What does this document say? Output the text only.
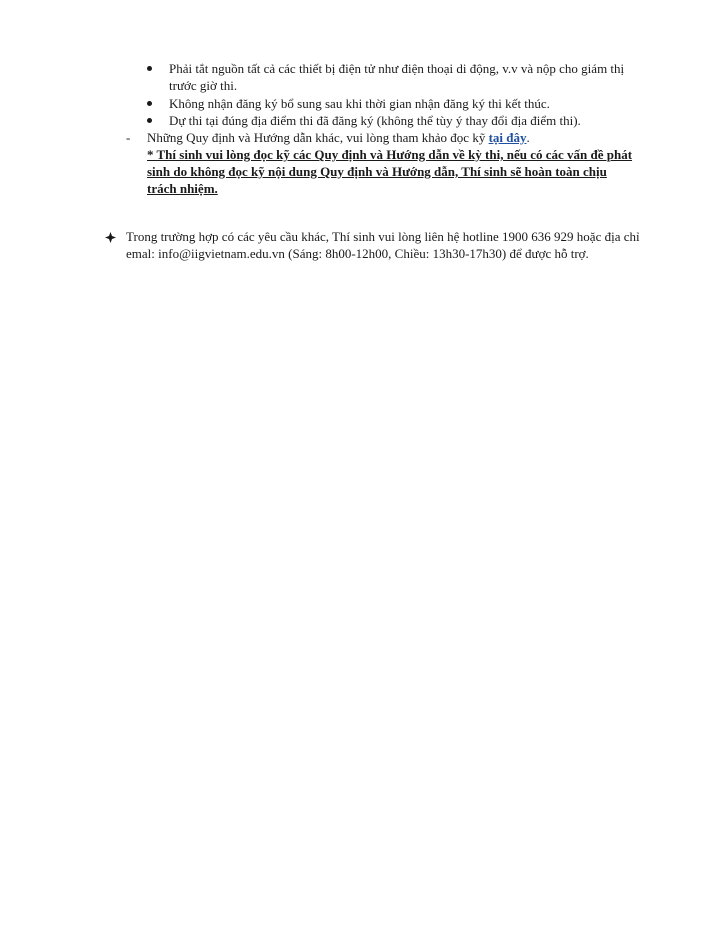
Phải tắt nguồn tất cả các thiết bị điện tử như điện thoại di động, v.v và nộp cho giám thị
trước giờ thi.
Không nhận đăng ký bổ sung sau khi thời gian nhận đăng ký thi kết thúc.
Dự thi tại đúng địa điểm thi đã đăng ký (không thể tùy ý thay đổi địa điểm thi).
- Những Quy định và Hướng dẫn khác, vui lòng tham khảo đọc kỹ tại đây.
* Thí sinh vui lòng đọc kỹ các Quy định và Hướng dẫn về kỳ thi, nếu có các vấn đề phát
sinh do không đọc kỹ nội dung Quy định và Hướng dẫn, Thí sinh sẽ hoàn toàn chịu
trách nhiệm.
Trong trường hợp có các yêu cầu khác, Thí sinh vui lòng liên hệ hotline 1900 636 929 hoặc địa chỉ
emal: info@iigvietnam.edu.vn (Sáng: 8h00-12h00, Chiều: 13h30-17h30) để được hỗ trợ.
